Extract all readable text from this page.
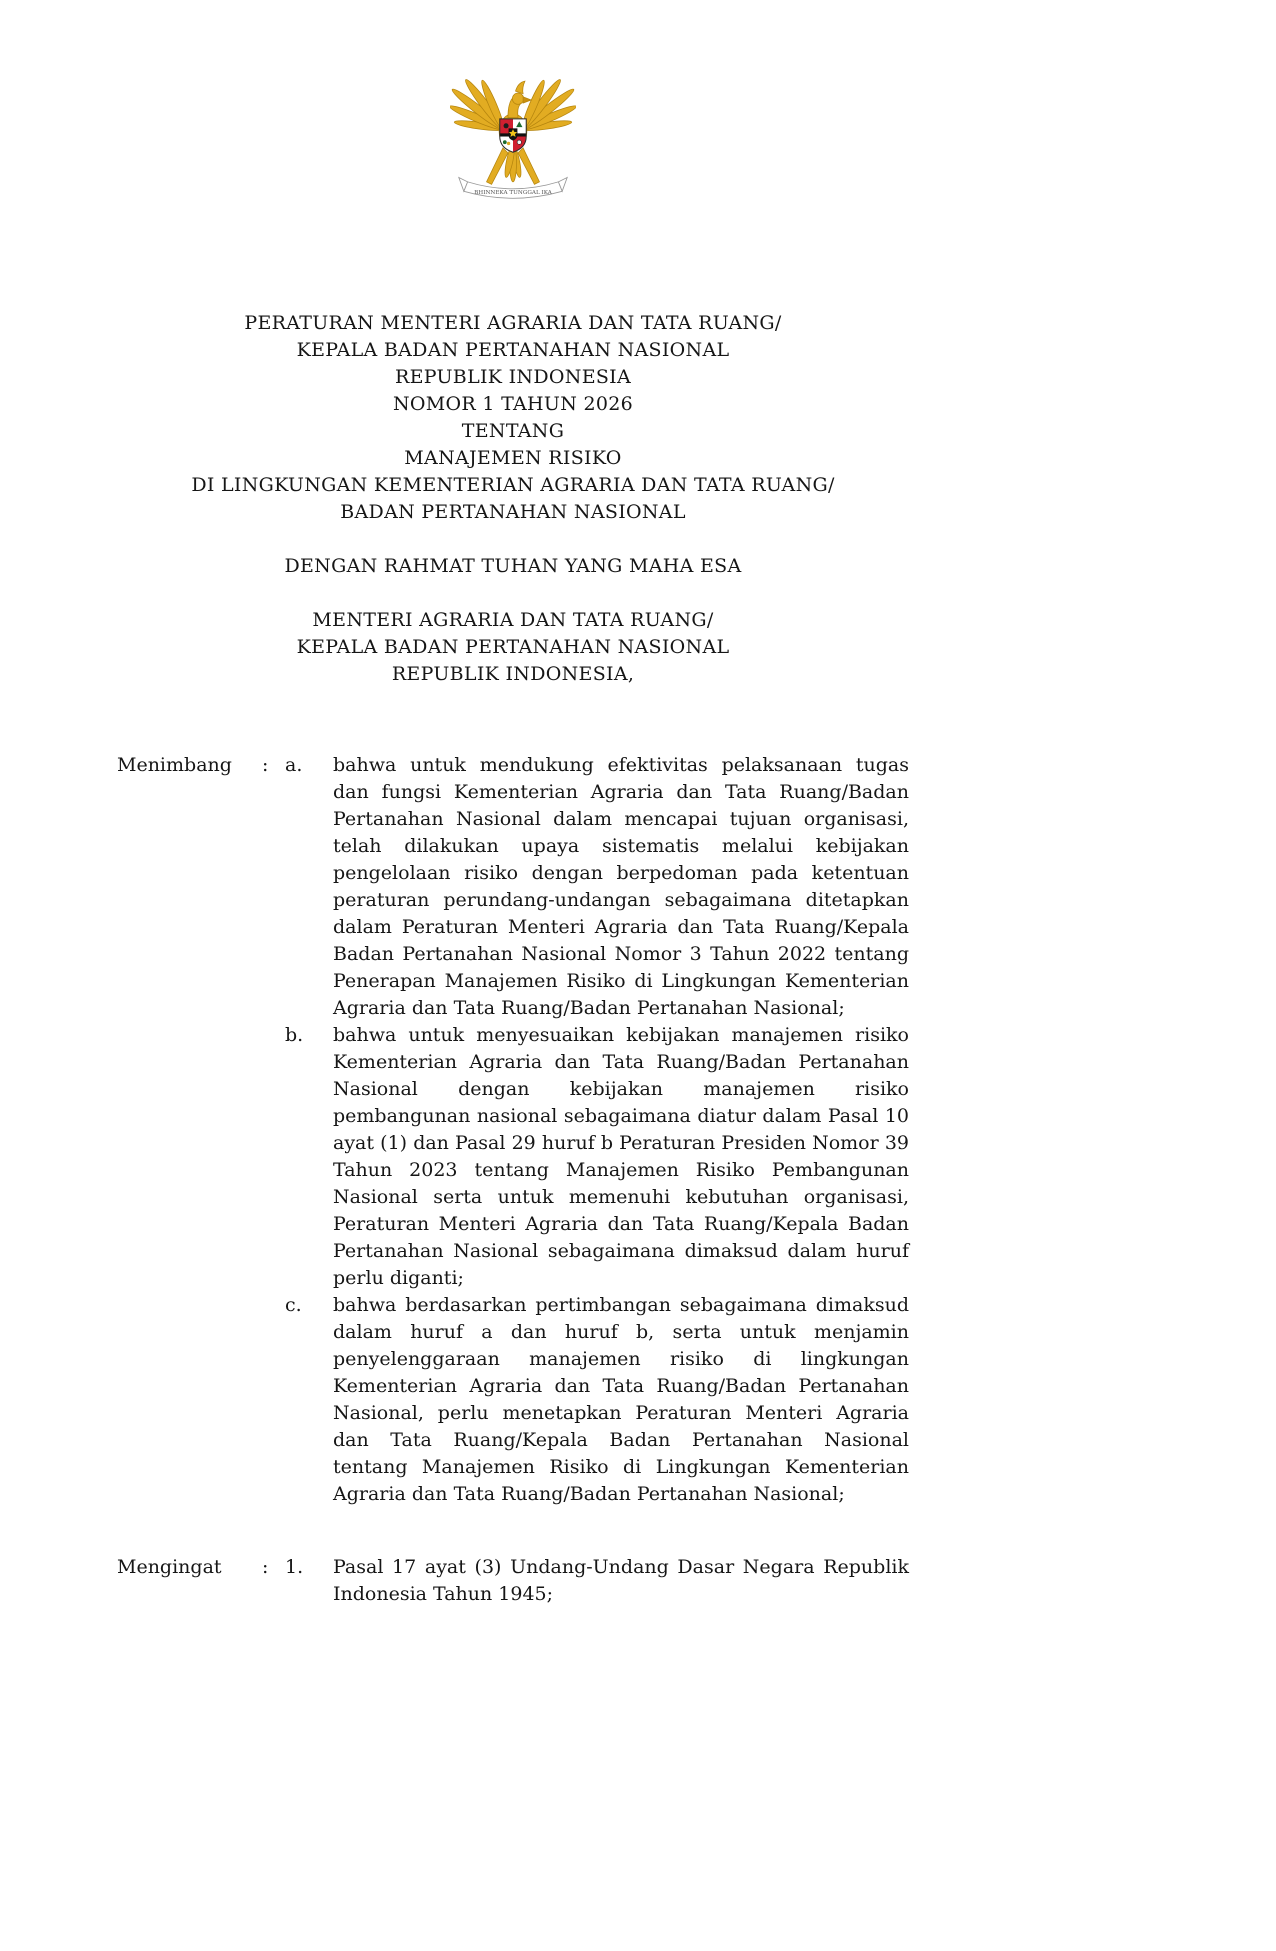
BHINNEKA TUNGGAL IKA
PERATURAN MENTERI AGRARIA DAN TATA RUANG/
KEPALA BADAN PERTANAHAN NASIONAL
REPUBLIK INDONESIA
NOMOR 1 TAHUN 2026
TENTANG
MANAJEMEN RISIKO
DI LINGKUNGAN KEMENTERIAN AGRARIA DAN TATA RUANG/
BADAN PERTANAHAN NASIONAL
DENGAN RAHMAT TUHAN YANG MAHA ESA
MENTERI AGRARIA DAN TATA RUANG/
KEPALA BADAN PERTANAHAN NASIONAL
REPUBLIK INDONESIA,
Menimbang	: a.	bahwa untuk mendukung efektivitas pelaksanaan tugas dan fungsi Kementerian Agraria dan Tata Ruang/Badan Pertanahan Nasional dalam mencapai tujuan organisasi, telah dilakukan upaya sistematis melalui kebijakan pengelolaan risiko dengan berpedoman pada ketentuan peraturan perundang-undangan sebagaimana ditetapkan dalam Peraturan Menteri Agraria dan Tata Ruang/Kepala Badan Pertanahan Nasional Nomor 3 Tahun 2022 tentang Penerapan Manajemen Risiko di Lingkungan Kementerian Agraria dan Tata Ruang/Badan Pertanahan Nasional;
b.	bahwa untuk menyesuaikan kebijakan manajemen risiko Kementerian Agraria dan Tata Ruang/Badan Pertanahan Nasional dengan kebijakan manajemen risiko pembangunan nasional sebagaimana diatur dalam Pasal 10 ayat (1) dan Pasal 29 huruf b Peraturan Presiden Nomor 39 Tahun 2023 tentang Manajemen Risiko Pembangunan Nasional serta untuk memenuhi kebutuhan organisasi, Peraturan Menteri Agraria dan Tata Ruang/Kepala Badan Pertanahan Nasional sebagaimana dimaksud dalam huruf perlu diganti;
c.	bahwa berdasarkan pertimbangan sebagaimana dimaksud dalam huruf a dan huruf b, serta untuk menjamin penyelenggaraan manajemen risiko di lingkungan Kementerian Agraria dan Tata Ruang/Badan Pertanahan Nasional, perlu menetapkan Peraturan Menteri Agraria dan Tata Ruang/Kepala Badan Pertanahan Nasional tentang Manajemen Risiko di Lingkungan Kementerian Agraria dan Tata Ruang/Badan Pertanahan Nasional;
Mengingat	: 1.	Pasal 17 ayat (3) Undang-Undang Dasar Negara Republik Indonesia Tahun 1945;
